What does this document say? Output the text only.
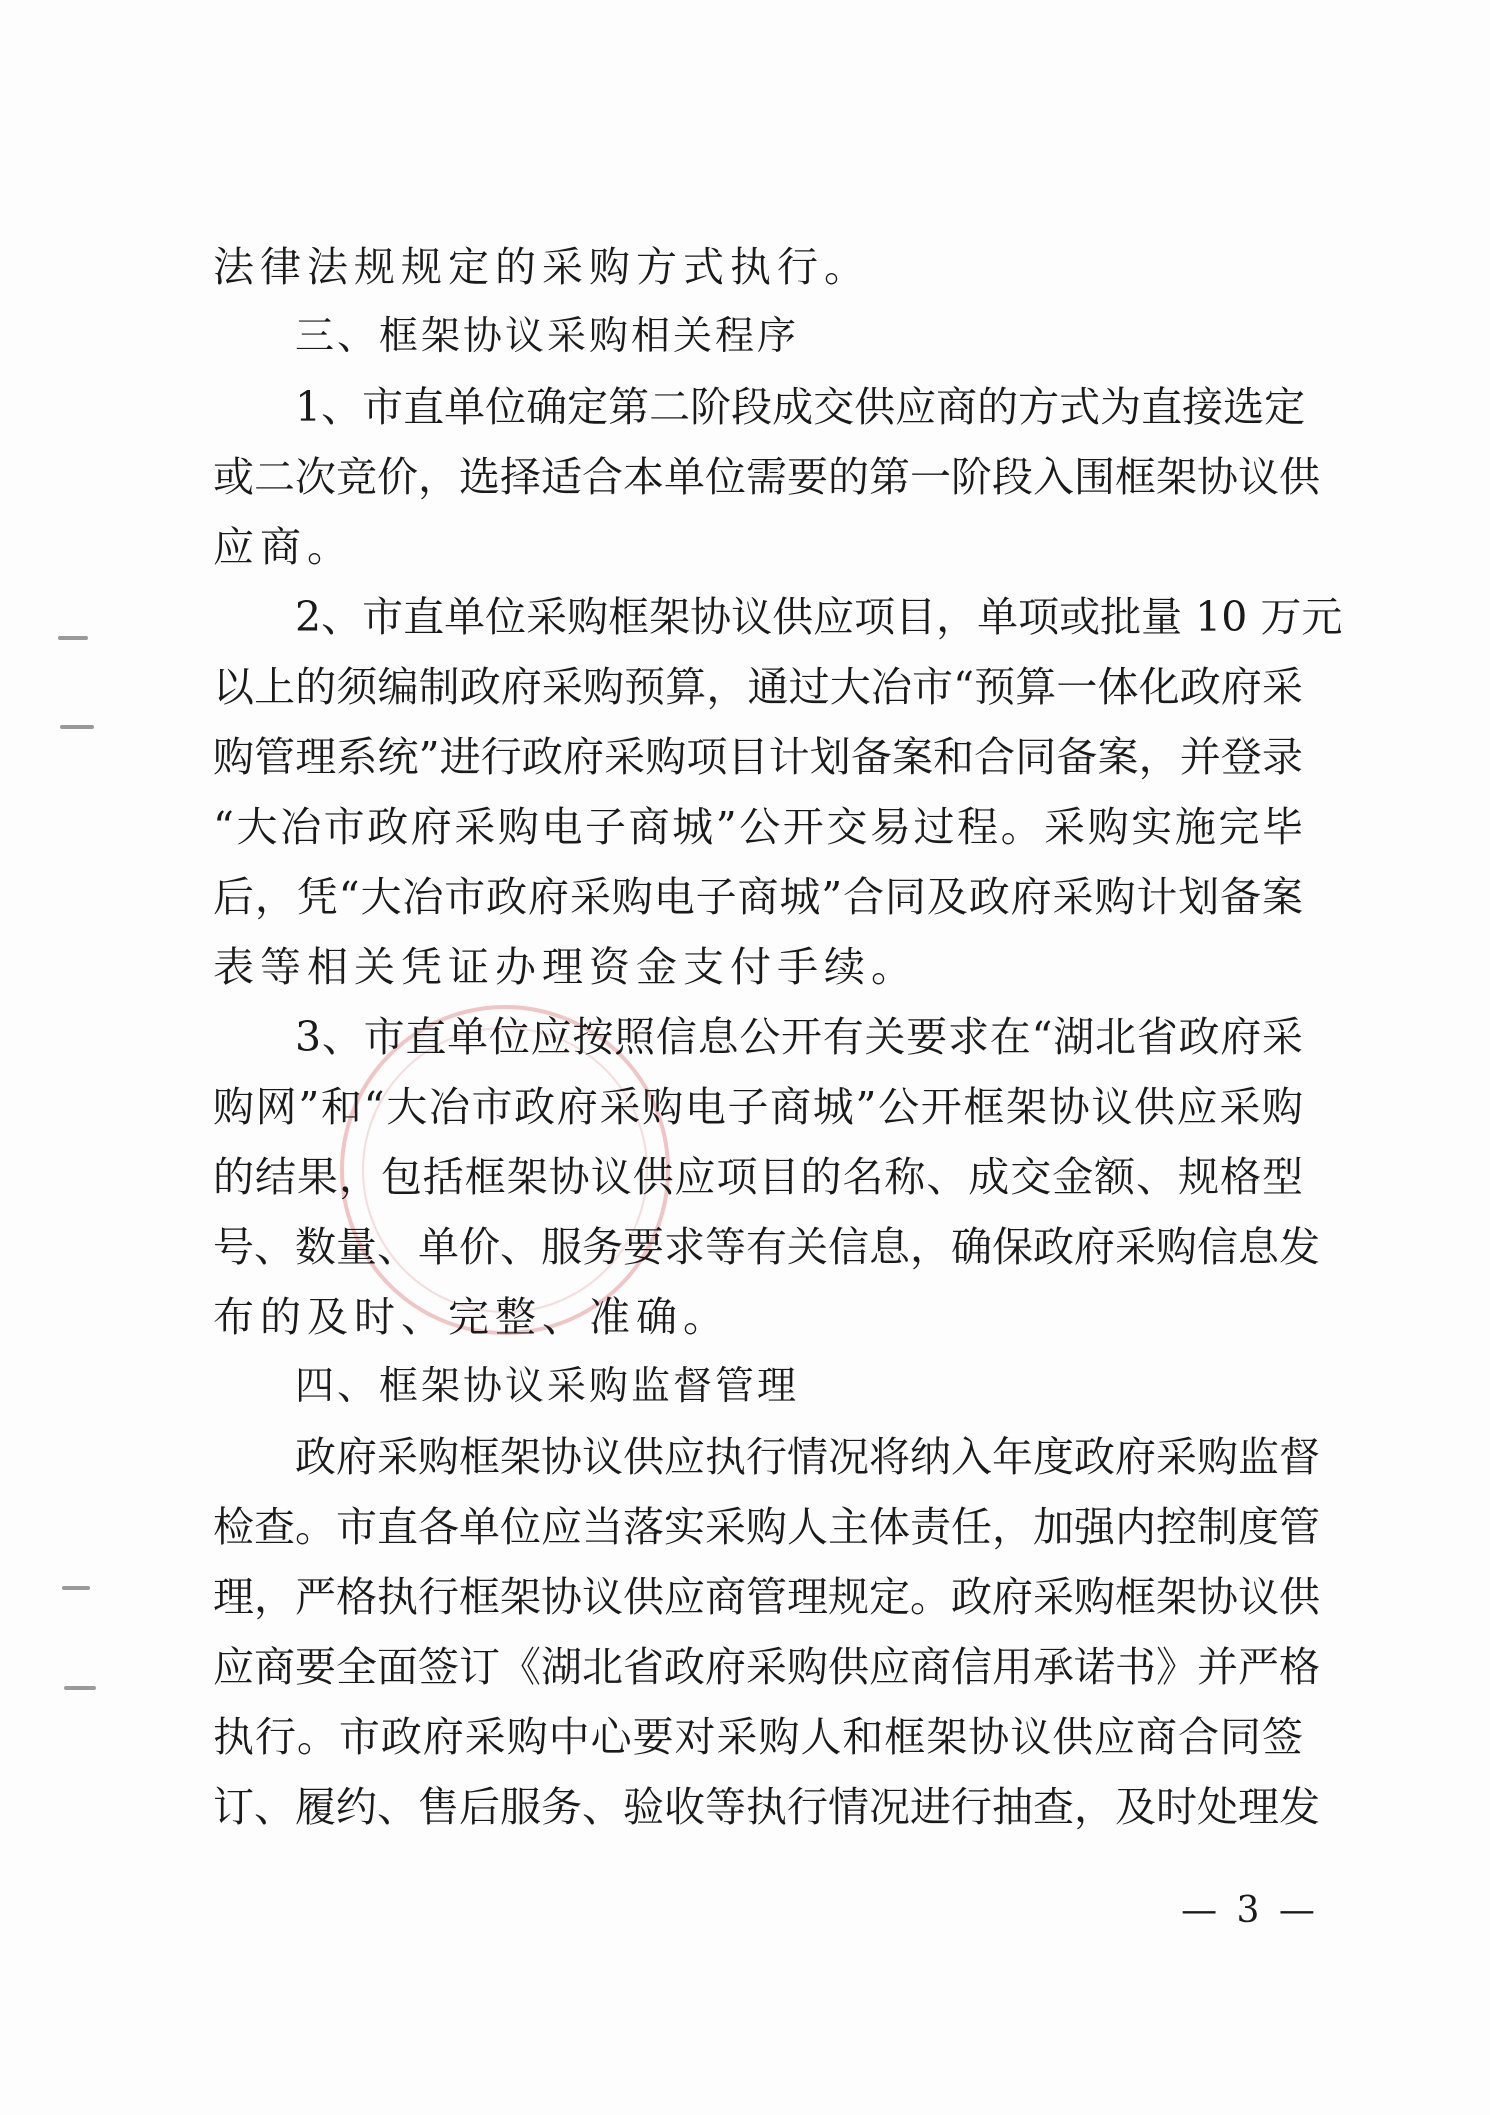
法律法规规定的采购方式执行。
三、框架协议采购相关程序
1、市直单位确定第二阶段成交供应商的方式为直接选定
或二次竞价，选择适合本单位需要的第一阶段入围框架协议供
应商。
2、市直单位采购框架协议供应项目，单项或批量 10 万元
以上的须编制政府采购预算，通过大冶市“预算一体化政府采
购管理系统”进行政府采购项目计划备案和合同备案，并登录
“大冶市政府采购电子商城”公开交易过程。采购实施完毕
后，凭“大冶市政府采购电子商城”合同及政府采购计划备案
表等相关凭证办理资金支付手续。
3、市直单位应按照信息公开有关要求在“湖北省政府采
购网”和“大冶市政府采购电子商城”公开框架协议供应采购
的结果，包括框架协议供应项目的名称、成交金额、规格型
号、数量、单价、服务要求等有关信息，确保政府采购信息发
布的及时、完整、准确。
四、框架协议采购监督管理
政府采购框架协议供应执行情况将纳入年度政府采购监督
检查。市直各单位应当落实采购人主体责任，加强内控制度管
理，严格执行框架协议供应商管理规定。政府采购框架协议供
应商要全面签订《湖北省政府采购供应商信用承诺书》并严格
执行。市政府采购中心要对采购人和框架协议供应商合同签
订、履约、售后服务、验收等执行情况进行抽查，及时处理发
— 3 —
